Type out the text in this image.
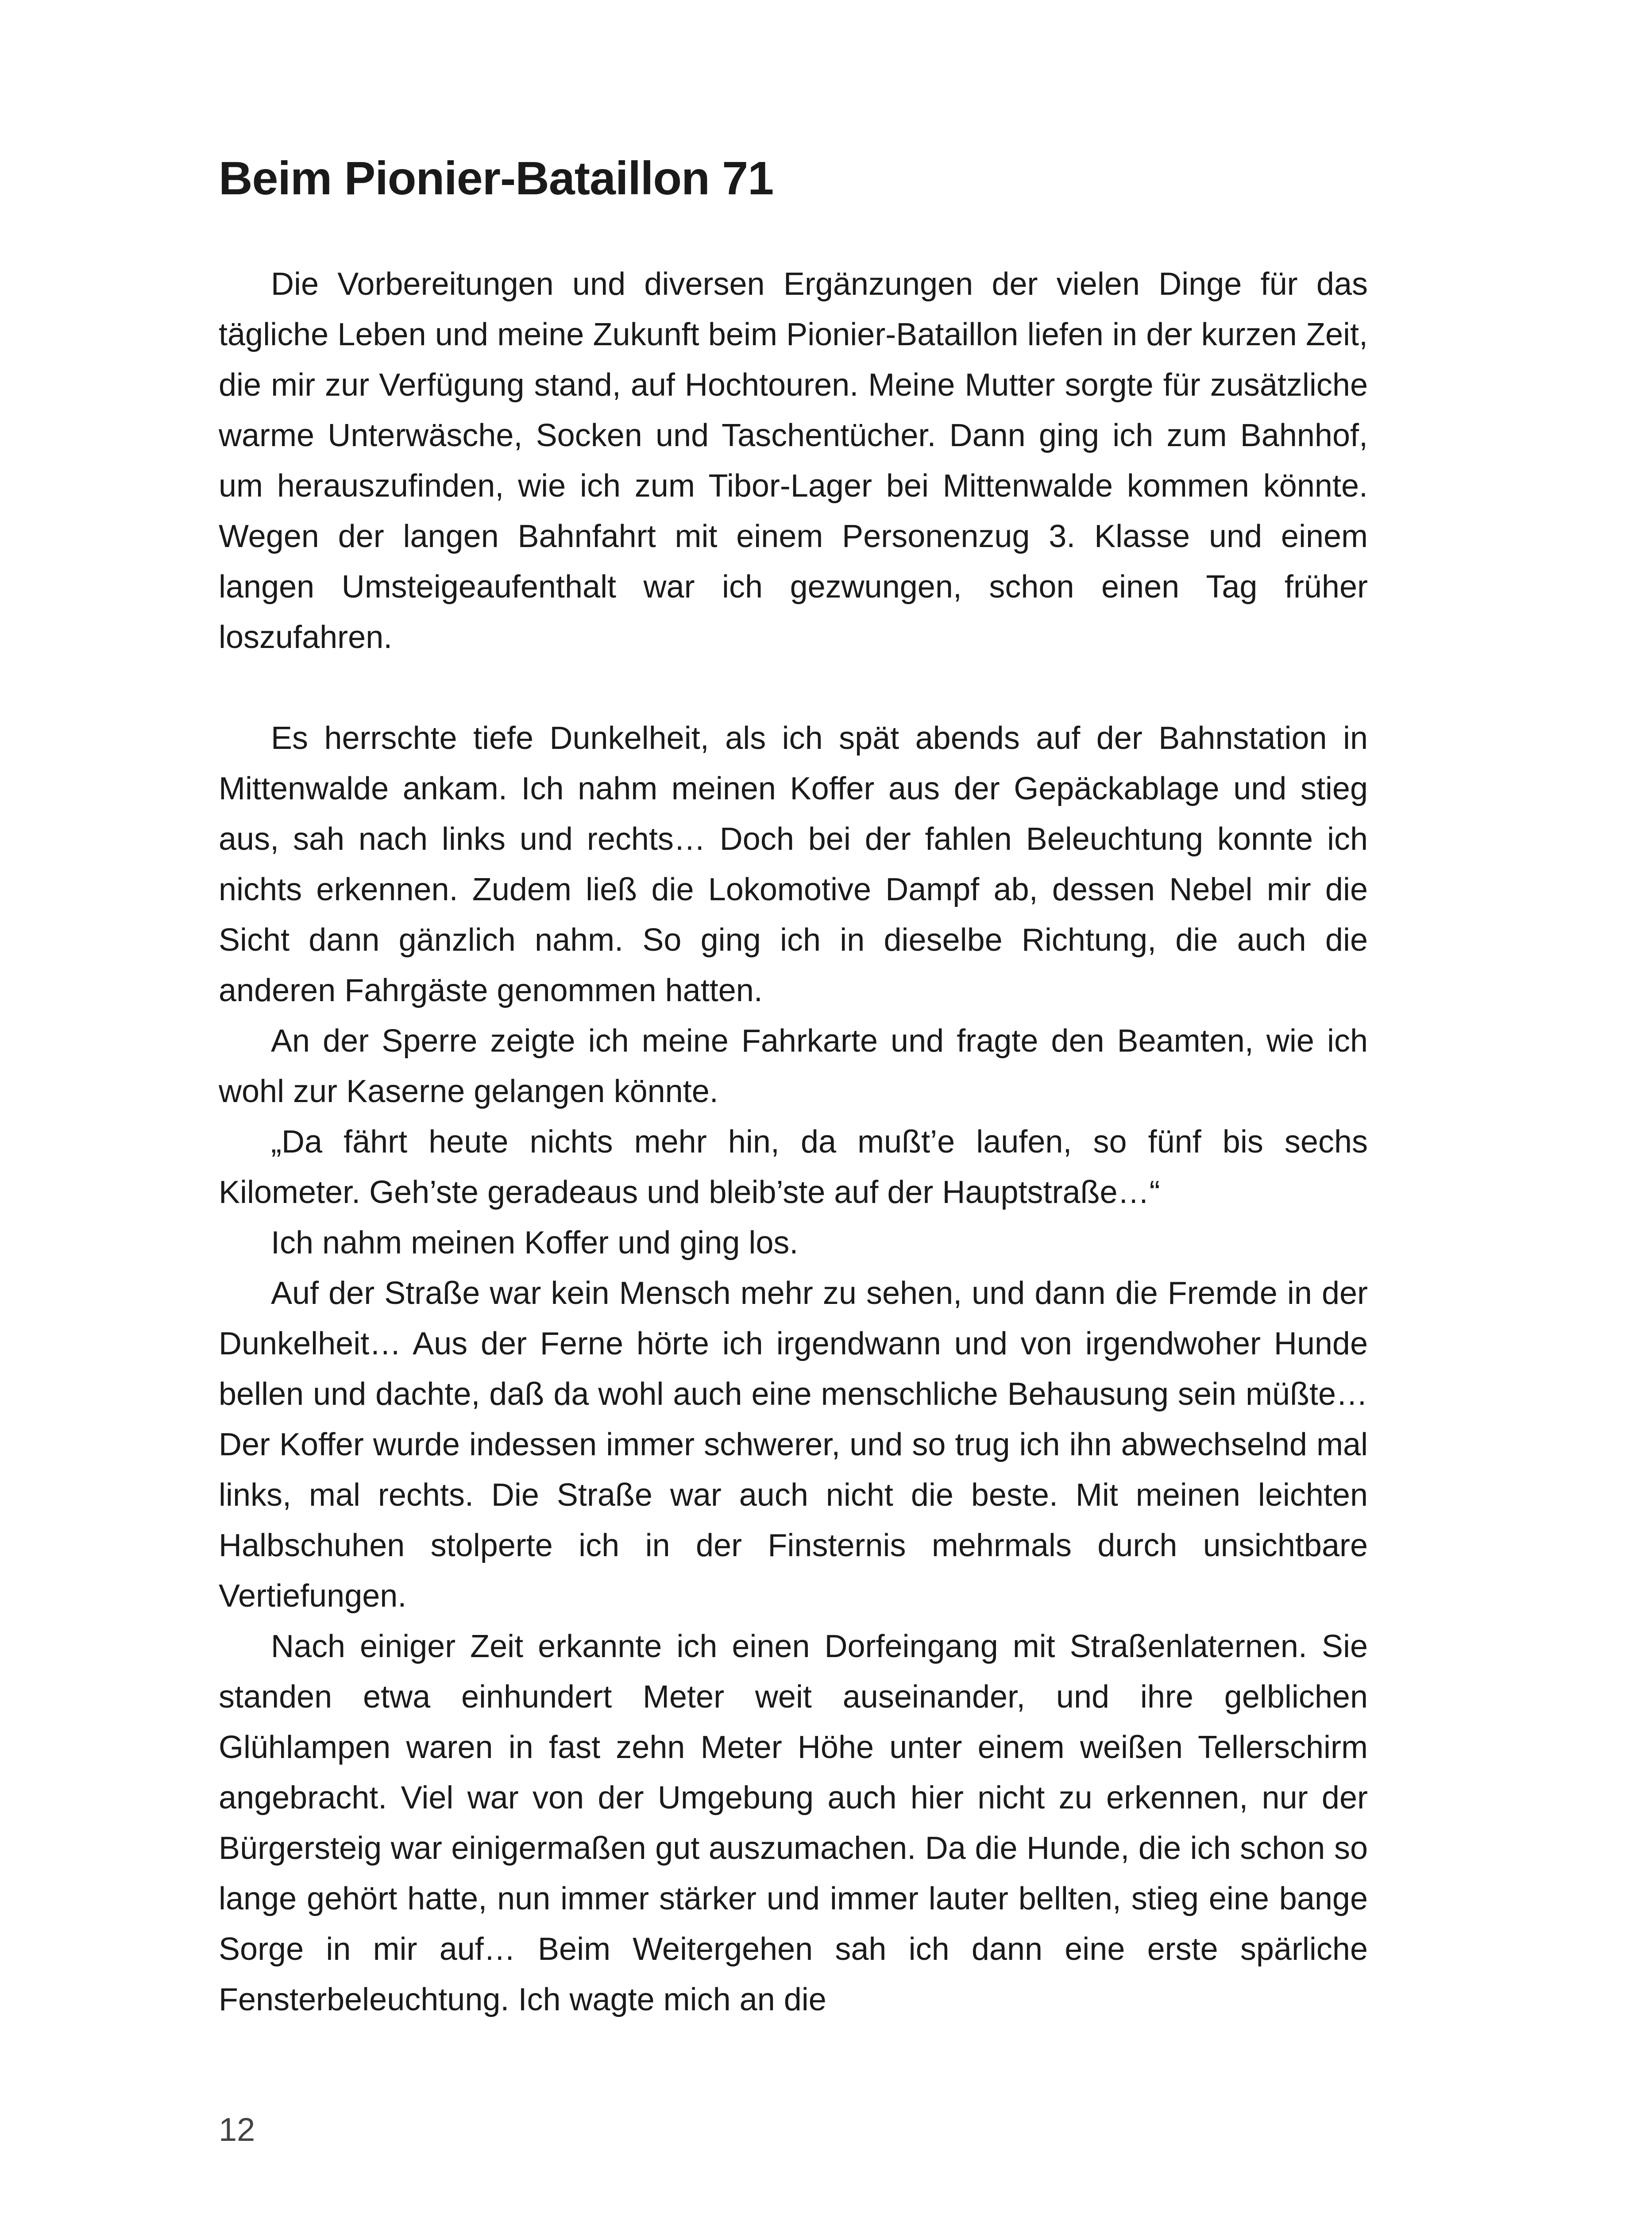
Beim Pionier-Bataillon 71

Die Vorbereitungen und diversen Ergänzungen der vielen Dinge für das tägliche Leben und meine Zukunft beim Pionier-Bataillon liefen in der kurzen Zeit, die mir zur Verfügung stand, auf Hochtouren. Meine Mutter sorgte für zusätzliche warme Unterwäsche, Socken und Taschentücher. Dann ging ich zum Bahnhof, um herauszufinden, wie ich zum Tibor-Lager bei Mittenwalde kommen könnte. Wegen der langen Bahnfahrt mit einem Personenzug 3. Klasse und einem langen Umsteigeaufenthalt war ich gezwungen, schon einen Tag früher loszufahren.

Es herrschte tiefe Dunkelheit, als ich spät abends auf der Bahnstation in Mittenwalde ankam. Ich nahm meinen Koffer aus der Gepäckablage und stieg aus, sah nach links und rechts… Doch bei der fahlen Beleuchtung konnte ich nichts erkennen. Zudem ließ die Lokomotive Dampf ab, dessen Nebel mir die Sicht dann gänzlich nahm. So ging ich in dieselbe Richtung, die auch die anderen Fahrgäste genommen hatten.

An der Sperre zeigte ich meine Fahrkarte und fragte den Beamten, wie ich wohl zur Kaserne gelangen könnte.

„Da fährt heute nichts mehr hin, da mußt’e laufen, so fünf bis sechs Kilometer. Geh’ste geradeaus und bleib’ste auf der Hauptstraße…“

Ich nahm meinen Koffer und ging los.

Auf der Straße war kein Mensch mehr zu sehen, und dann die Fremde in der Dunkelheit… Aus der Ferne hörte ich irgendwann und von irgendwoher Hunde bellen und dachte, daß da wohl auch eine menschliche Behausung sein müßte… Der Koffer wurde indessen immer schwerer, und so trug ich ihn abwechselnd mal links, mal rechts. Die Straße war auch nicht die beste. Mit meinen leichten Halbschuhen stolperte ich in der Finsternis mehrmals durch unsichtbare Vertiefungen.

Nach einiger Zeit erkannte ich einen Dorfeingang mit Straßenlaternen. Sie standen etwa einhundert Meter weit auseinander, und ihre gelblichen Glühlampen waren in fast zehn Meter Höhe unter einem weißen Tellerschirm angebracht. Viel war von der Umgebung auch hier nicht zu erkennen, nur der Bürgersteig war einigermaßen gut auszumachen. Da die Hunde, die ich schon so lange gehört hatte, nun immer stärker und immer lauter bellten, stieg eine bange Sorge in mir auf… Beim Weitergehen sah ich dann eine erste spärliche Fensterbeleuchtung. Ich wagte mich an die

12
